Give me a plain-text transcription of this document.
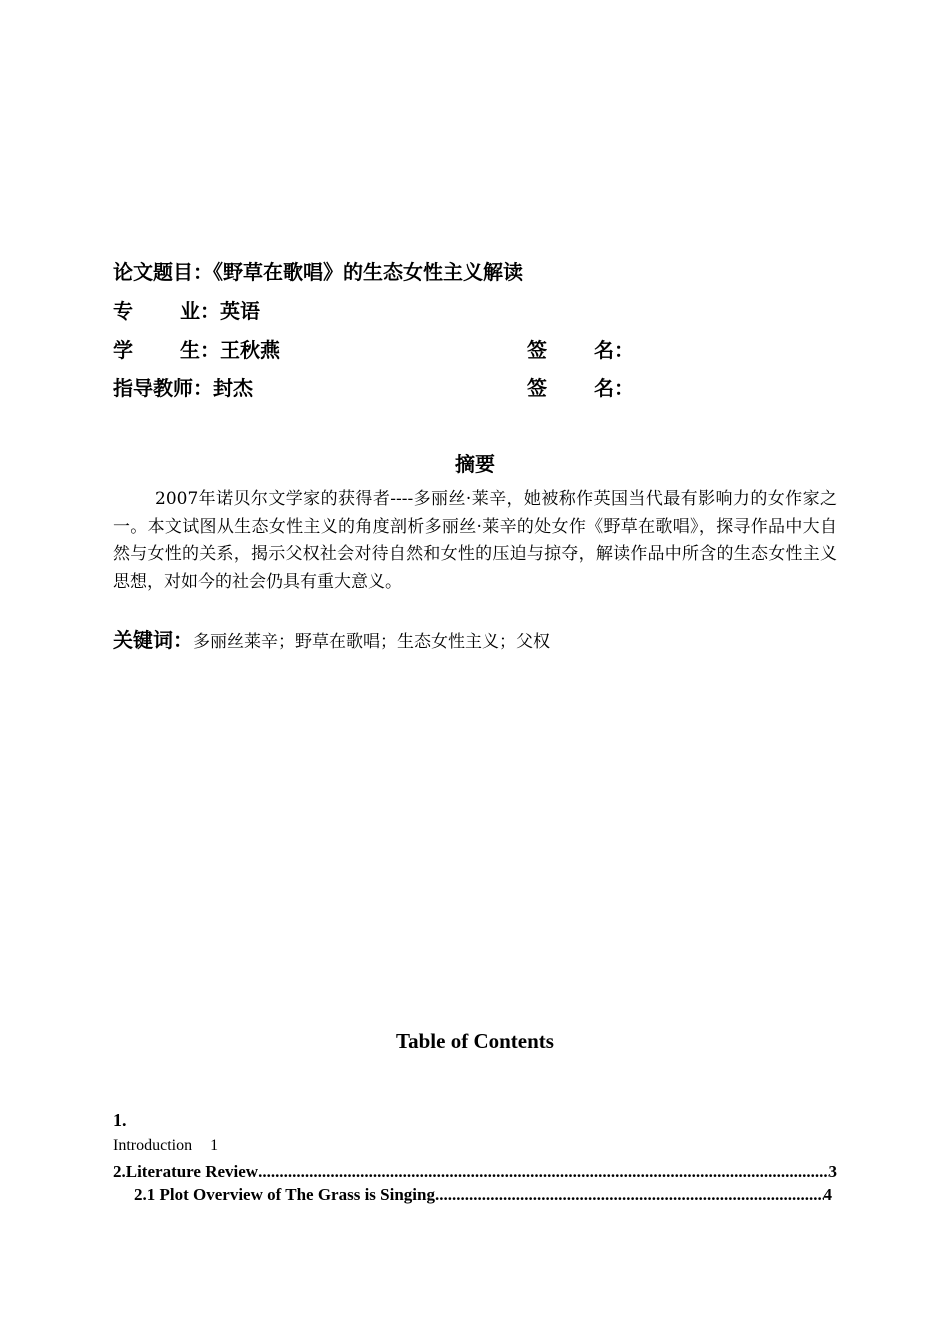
论文题目：《野草在歌唱》的生态女性主义解读
专 业：英语
学 生：王秋燕	签 名：
指导教师：封杰	签 名：
摘要
2007年诺贝尔文学家的获得者----多丽丝·莱辛，她被称作英国当代最有影响力的女作家之一。本文试图从生态女性主义的角度剖析多丽丝·莱辛的处女作《野草在歌唱》，探寻作品中大自然与女性的关系，揭示父权社会对待自然和女性的压迫与掠夺，解读作品中所含的生态女性主义思想，对如今的社会仍具有重大意义。
关键词：多丽丝莱辛；野草在歌唱；生态女性主义；父权
Table of Contents
1.
Introduction 1
2.Literature Review .....	3
2.1 Plot Overview of The Grass is Singing .....	4
